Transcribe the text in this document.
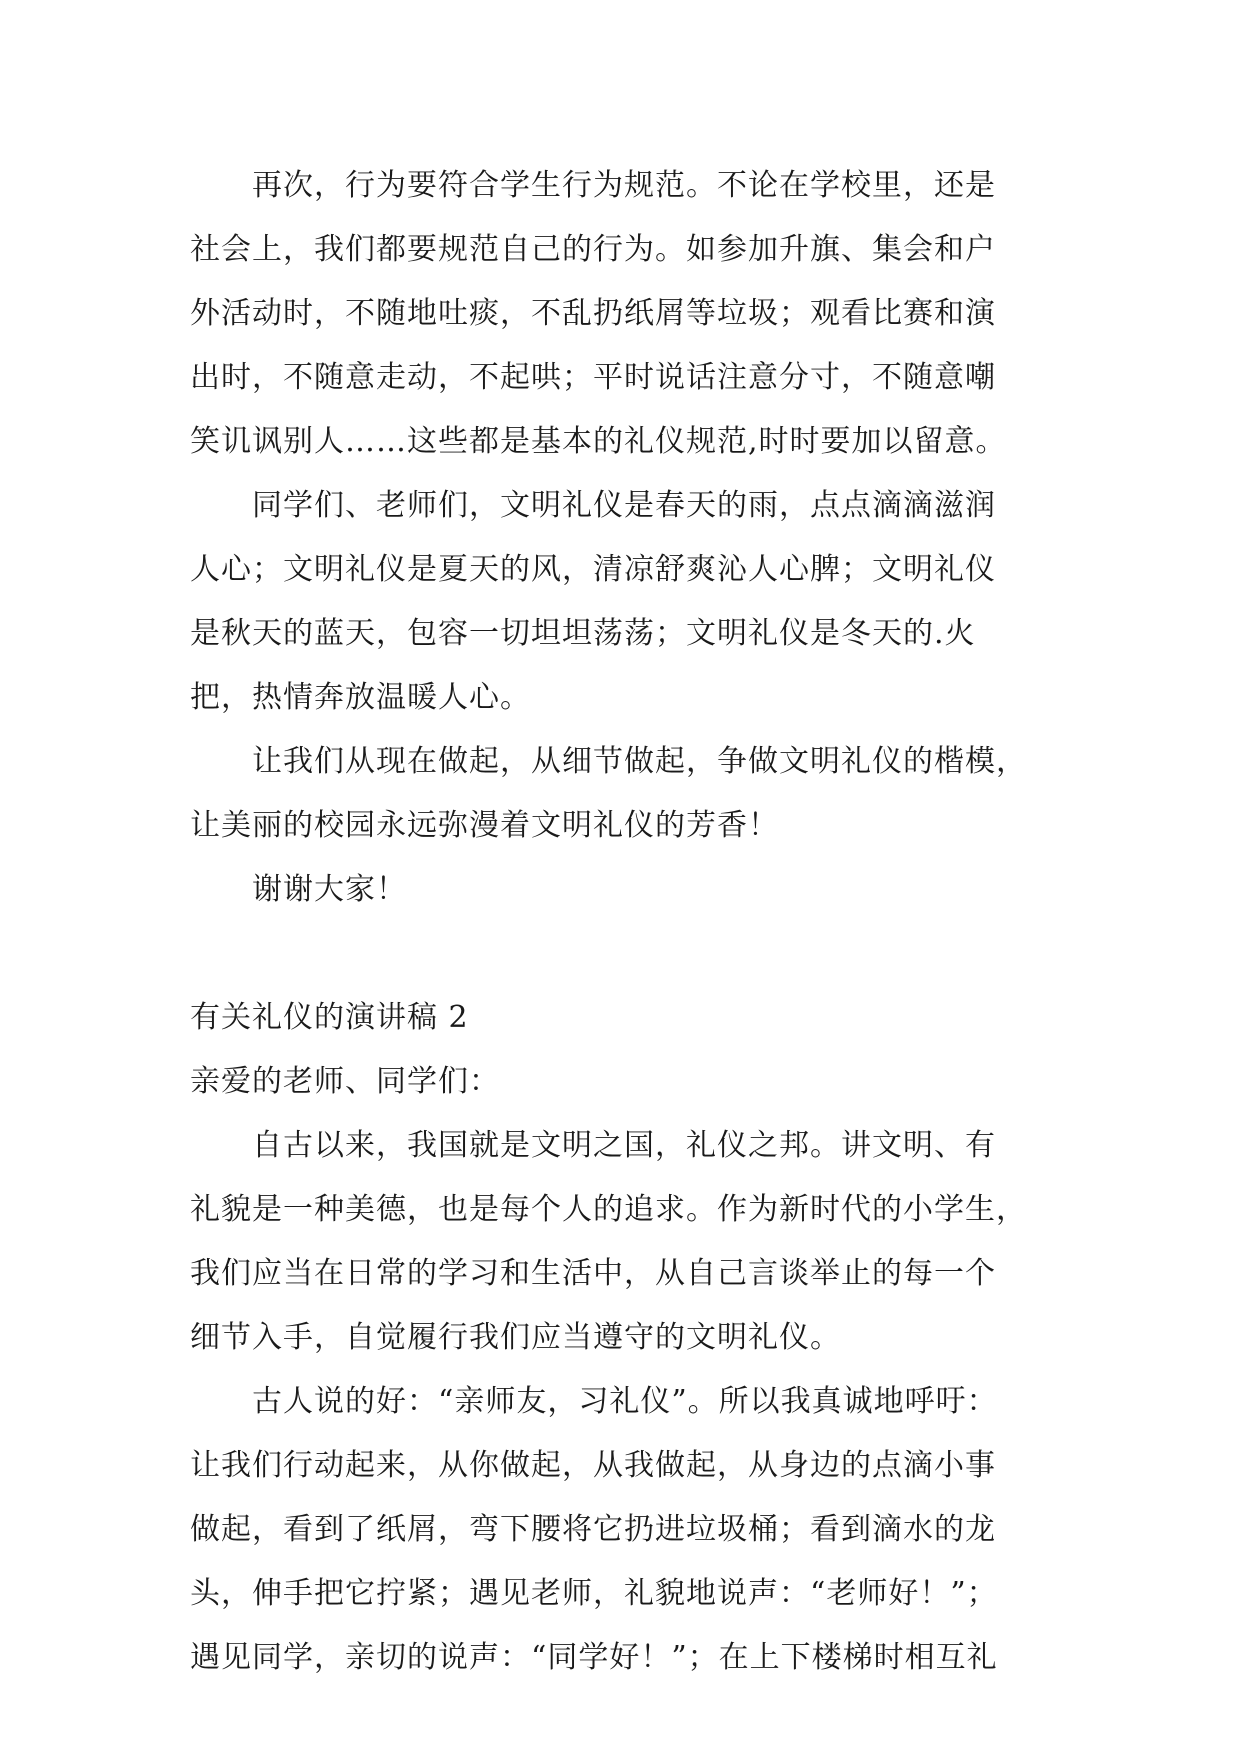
再次，行为要符合学生行为规范。不论在学校里，还是
社会上，我们都要规范自己的行为。如参加升旗、集会和户
外活动时，不随地吐痰，不乱扔纸屑等垃圾；观看比赛和演
出时，不随意走动，不起哄；平时说话注意分寸，不随意嘲
笑讥讽别人……这些都是基本的礼仪规范,时时要加以留意。
同学们、老师们，文明礼仪是春天的雨，点点滴滴滋润
人心；文明礼仪是夏天的风，清凉舒爽沁人心脾；文明礼仪
是秋天的蓝天，包容一切坦坦荡荡；文明礼仪是冬天的.火
把，热情奔放温暖人心。
让我们从现在做起，从细节做起，争做文明礼仪的楷模，
让美丽的校园永远弥漫着文明礼仪的芳香！
谢谢大家！
有关礼仪的演讲稿 2
亲爱的老师、同学们：
自古以来，我国就是文明之国，礼仪之邦。讲文明、有
礼貌是一种美德，也是每个人的追求。作为新时代的小学生，
我们应当在日常的学习和生活中，从自己言谈举止的每一个
细节入手，自觉履行我们应当遵守的文明礼仪。
古人说的好：“亲师友，习礼仪”。所以我真诚地呼吁：
让我们行动起来，从你做起，从我做起，从身边的点滴小事
做起，看到了纸屑，弯下腰将它扔进垃圾桶；看到滴水的龙
头，伸手把它拧紧；遇见老师，礼貌地说声：“老师好！”；
遇见同学，亲切的说声：“同学好！”；在上下楼梯时相互礼
